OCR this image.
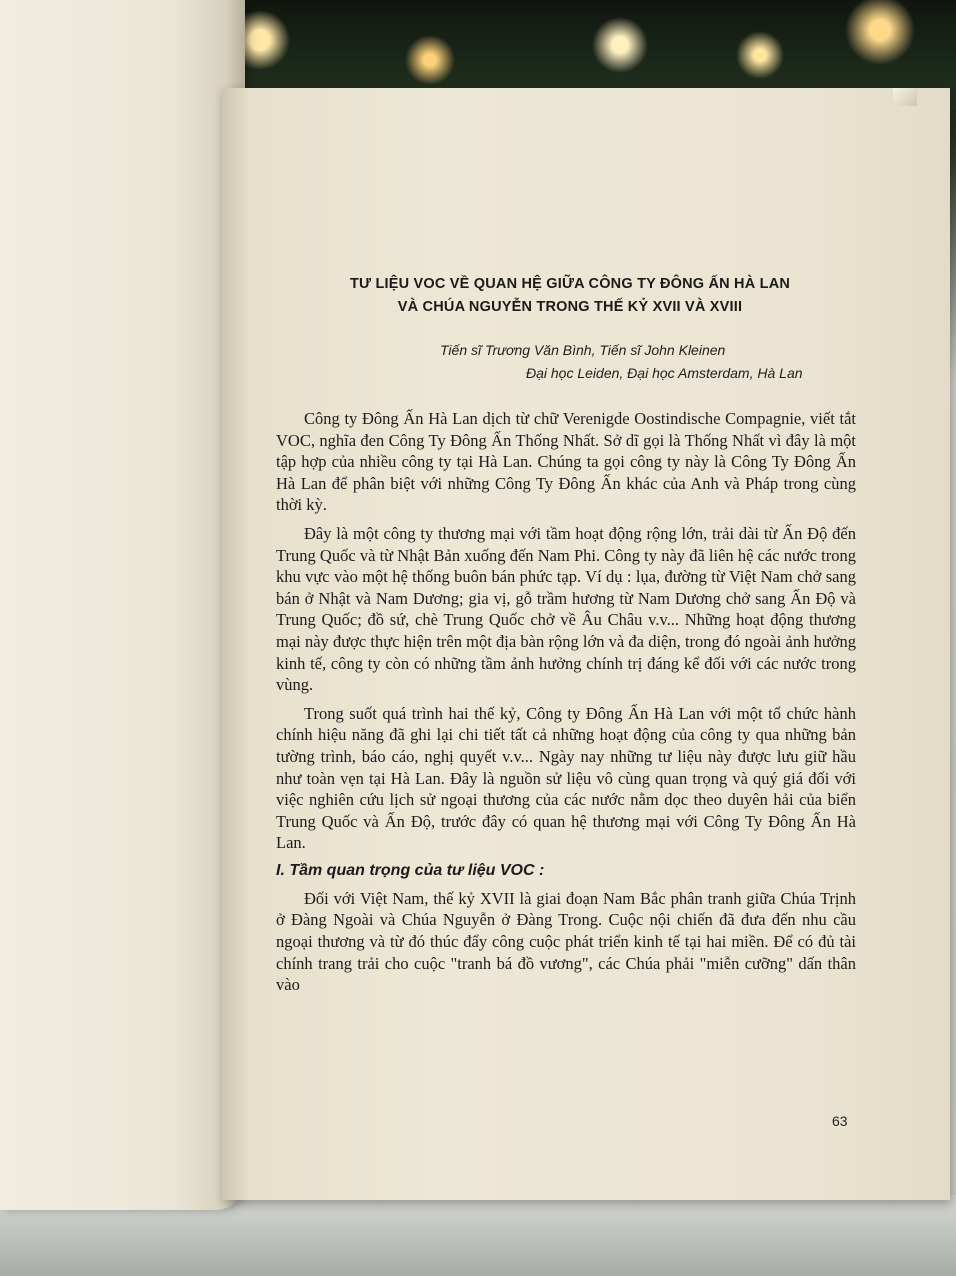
TƯ LIỆU VOC VỀ QUAN HỆ GIỮA CÔNG TY ĐÔNG ẤN HÀ LAN
VÀ CHÚA NGUYỄN TRONG THẾ KỶ XVII VÀ XVIII
Tiến sĩ Trương Văn Bình, Tiến sĩ John Kleinen
Đại học Leiden, Đại học Amsterdam, Hà Lan

Công ty Đông Ấn Hà Lan dịch từ chữ Verenigde Oostindische Compagnie, viết tắt VOC, nghĩa đen Công Ty Đông Ấn Thống Nhất. Sở dĩ gọi là Thống Nhất vì đây là một tập hợp của nhiều công ty tại Hà Lan. Chúng ta gọi công ty này là Công Ty Đông Ấn Hà Lan để phân biệt với những Công Ty Đông Ấn khác của Anh và Pháp trong cùng thời kỳ.

Đây là một công ty thương mại với tầm hoạt động rộng lớn, trải dài từ Ấn Độ đến Trung Quốc và từ Nhật Bản xuống đến Nam Phi. Công ty này đã liên hệ các nước trong khu vực vào một hệ thống buôn bán phức tạp. Ví dụ : lụa, đường từ Việt Nam chở sang bán ở Nhật và Nam Dương; gia vị, gỗ trầm hương từ Nam Dương chở sang Ấn Độ và Trung Quốc; đồ sứ, chè Trung Quốc chở về Âu Châu v.v... Những hoạt động thương mại này được thực hiện trên một địa bàn rộng lớn và đa diện, trong đó ngoài ảnh hưởng kinh tế, công ty còn có những tầm ảnh hưởng chính trị đáng kể đối với các nước trong vùng.

Trong suốt quá trình hai thế kỷ, Công ty Đông Ấn Hà Lan với một tổ chức hành chính hiệu năng đã ghi lại chi tiết tất cả những hoạt động của công ty qua những bản tường trình, báo cáo, nghị quyết v.v... Ngày nay những tư liệu này được lưu giữ hầu như toàn vẹn tại Hà Lan. Đây là nguồn sử liệu vô cùng quan trọng và quý giá đối với việc nghiên cứu lịch sử ngoại thương của các nước nằm dọc theo duyên hải của biển Trung Quốc và Ấn Độ, trước đây có quan hệ thương mại với Công Ty Đông Ấn Hà Lan.

I. Tầm quan trọng của tư liệu VOC :

Đối với Việt Nam, thế kỷ XVII là giai đoạn Nam Bắc phân tranh giữa Chúa Trịnh ở Đàng Ngoài và Chúa Nguyễn ở Đàng Trong. Cuộc nội chiến đã đưa đến nhu cầu ngoại thương và từ đó thúc đẩy công cuộc phát triển kinh tế tại hai miền. Để có đủ tài chính trang trải cho cuộc "tranh bá đồ vương", các Chúa phải "miễn cưỡng" dấn thân vào

63
